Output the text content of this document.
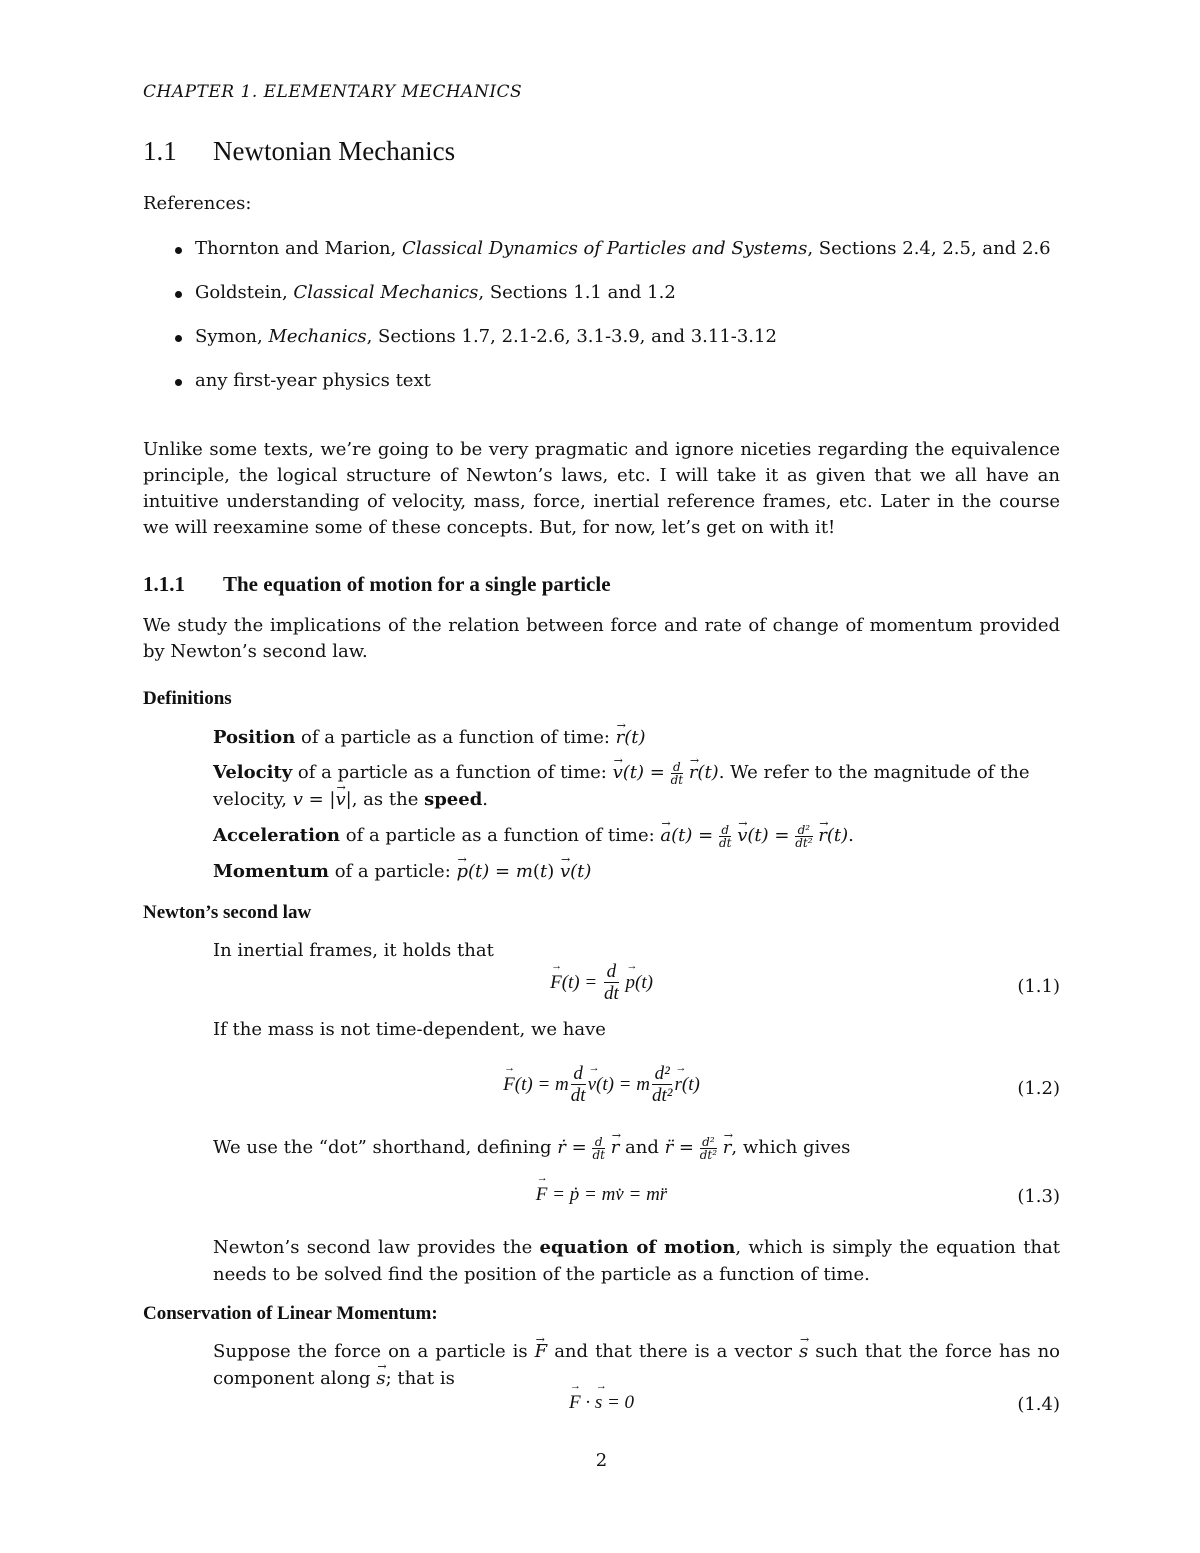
CHAPTER 1. ELEMENTARY MECHANICS
1.1 Newtonian Mechanics
References:
Thornton and Marion, Classical Dynamics of Particles and Systems, Sections 2.4, 2.5, and 2.6
Goldstein, Classical Mechanics, Sections 1.1 and 1.2
Symon, Mechanics, Sections 1.7, 2.1-2.6, 3.1-3.9, and 3.11-3.12
any first-year physics text
Unlike some texts, we’re going to be very pragmatic and ignore niceties regarding the equivalence principle, the logical structure of Newton’s laws, etc. I will take it as given that we all have an intuitive understanding of velocity, mass, force, inertial reference frames, etc. Later in the course we will reexamine some of these concepts. But, for now, let’s get on with it!
1.1.1 The equation of motion for a single particle
We study the implications of the relation between force and rate of change of momentum provided by Newton’s second law.
Definitions
Position of a particle as a function of time: → r(t)
Velocity of a particle as a function of time: → $v(t) = \frac{d}{dt} \to r(t)$. We refer to the magnitude of the velocity, v = |→ v|, as the speed.
Acceleration of a particle as a function of time: → $a(t) = \frac{d}{dt} \to v(t) = \frac{\text{d²}}{\text{dt²}} \to r(t)$.
Momentum of a particle: → p(t) = m(t) → v(t)
Newton’s second law
In inertial frames, it holds that
→ $F(t) = \frac{d}{dt}$
→ p(t)	(1.1)
If the mass is not time-dependent, we have
→ F(t) = m $\frac{d}{dt}$
→ v(t) = m $\frac{\text{d²}}{\text{dt²}}$
→ r(t)	(1.2)
We use the “dot” shorthand, defining ṙ = $\frac{d}{dt} \to r$ and r̈ = $\frac{\text{d²}}{\text{dt²}} \to r$, which gives
→ F = ṗ = mv̇ = mr̈	(1.3)
Newton’s second law provides the equation of motion, which is simply the equation that needs to be solved find the position of the particle as a function of time.
Conservation of Linear Momentum:
Suppose the force on a particle is → F and that there is a vector → s such that the force has no component along → s; that is
→ F · → s = 0	(1.4)
2
